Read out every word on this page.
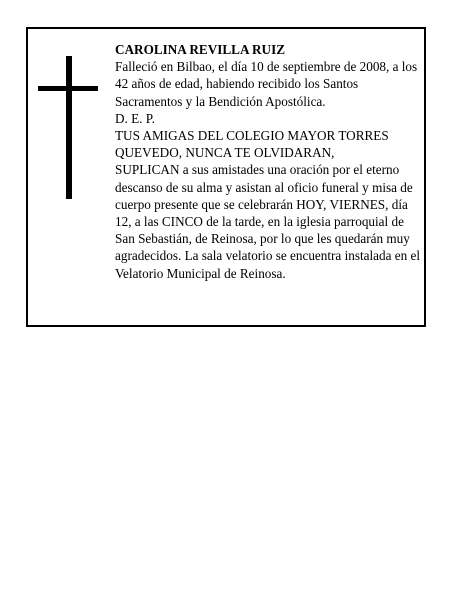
CAROLINA REVILLA RUIZ

Falleció en Bilbao, el día 10 de septiembre de 2008, a los 42 años de edad, habiendo recibido los Santos Sacramentos y la Bendición Apostólica.

D. E. P.

TUS AMIGAS DEL COLEGIO MAYOR TORRES QUEVEDO, NUNCA TE OLVIDARAN,

SUPLICAN a sus amistades una oración por el eterno descanso de su alma y asistan al oficio funeral y misa de cuerpo presente que se celebrarán HOY, VIERNES, día 12, a las CINCO de la tarde, en la iglesia parroquial de San Sebastián, de Reinosa, por lo que les quedarán muy agradecidos. La sala velatorio se encuentra instalada en el Velatorio Municipal de Reinosa.
